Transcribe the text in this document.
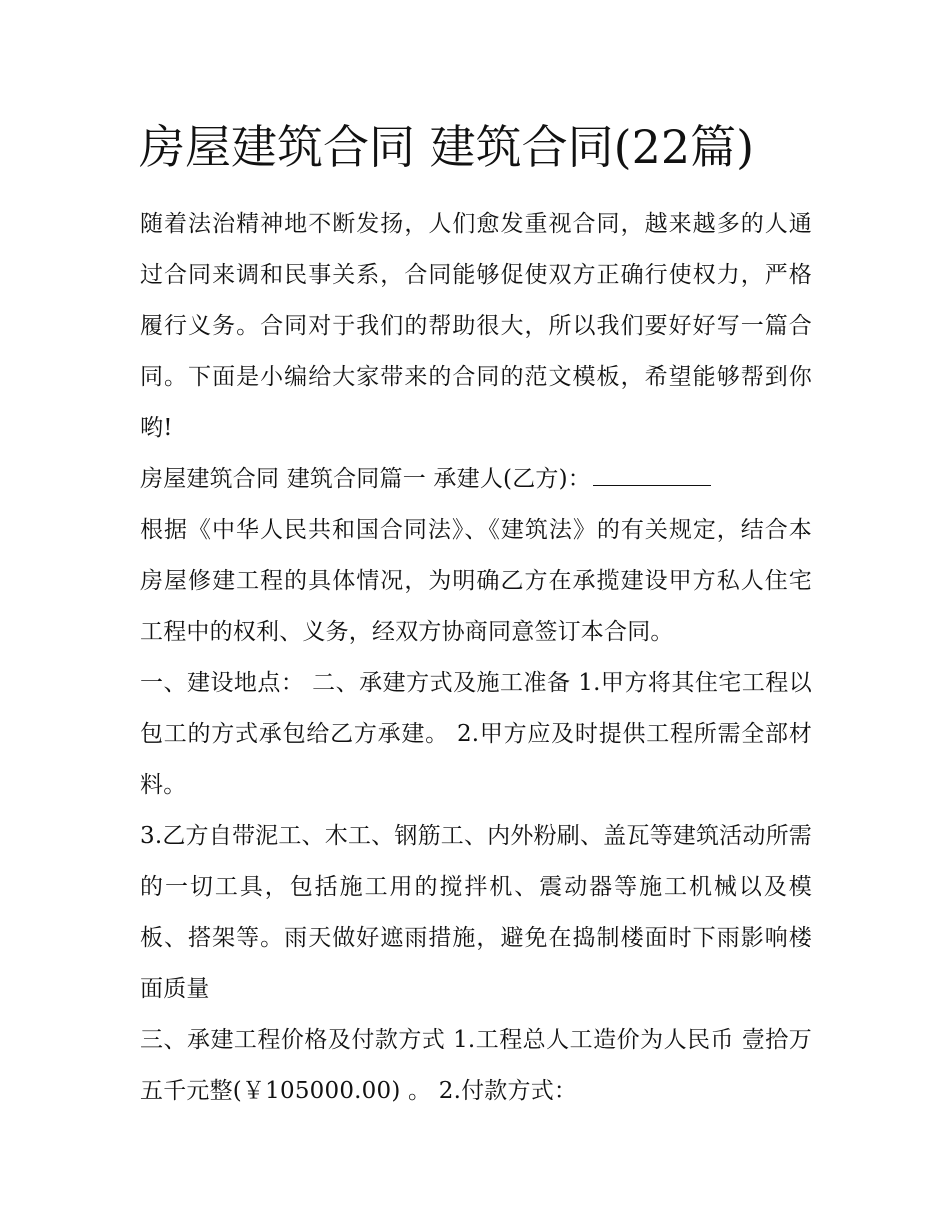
房屋建筑合同 建筑合同(22篇)

随着法治精神地不断发扬，人们愈发重视合同，越来越多的人通过合同来调和民事关系，合同能够促使双方正确行使权力，严格履行义务。合同对于我们的帮助很大，所以我们要好好写一篇合同。下面是小编给大家带来的合同的范文模板，希望能够帮到你哟!

房屋建筑合同 建筑合同篇一 承建人(乙方)：

根据《中华人民共和国合同法》、《建筑法》的有关规定，结合本房屋修建工程的具体情况，为明确乙方在承揽建设甲方私人住宅工程中的权利、义务，经双方协商同意签订本合同。

一、建设地点： 二、承建方式及施工准备 1.甲方将其住宅工程以包工的方式承包给乙方承建。 2.甲方应及时提供工程所需全部材料。

3.乙方自带泥工、木工、钢筋工、内外粉刷、盖瓦等建筑活动所需的一切工具，包括施工用的搅拌机、震动器等施工机械以及模板、搭架等。雨天做好遮雨措施，避免在捣制楼面时下雨影响楼面质量

三、承建工程价格及付款方式 1.工程总人工造价为人民币 壹拾万五千元整(￥105000.00) 。 2.付款方式：
